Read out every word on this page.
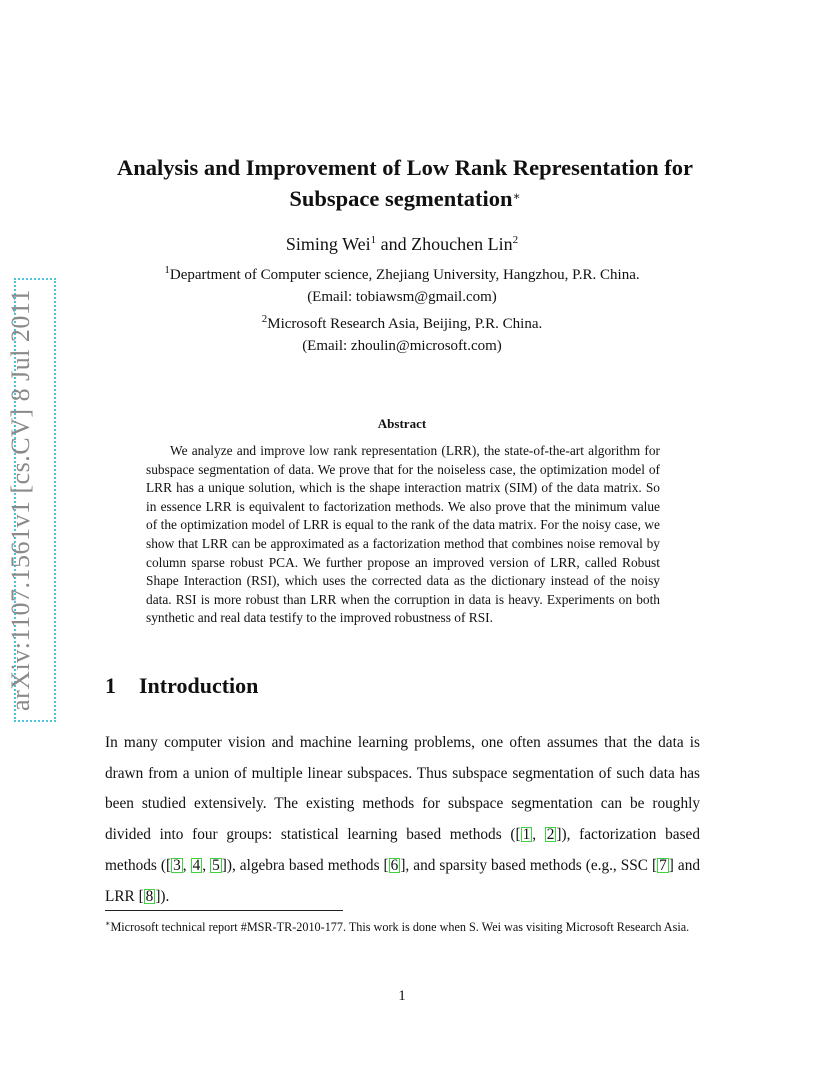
arXiv:1107.1561v1 [cs.CV] 8 Jul 2011
Analysis and Improvement of Low Rank Representation for
Subspace segmentation∗
Siming Wei$^1$ and Zhouchen Lin$^2$
$^1$Department of Computer science, Zhejiang University, Hangzhou, P.R. China.
(Email: tobiawsm@gmail.com)
$^2$Microsoft Research Asia, Beijing, P.R. China.
(Email: zhoulin@microsoft.com)
Abstract
We analyze and improve low rank representation (LRR), the state-of-the-art algorithm for subspace segmentation of data. We prove that for the noiseless case, the optimization model of LRR has a unique solution, which is the shape interaction matrix (SIM) of the data matrix. So in essence LRR is equivalent to factorization methods. We also prove that the minimum value of the optimization model of LRR is equal to the rank of the data matrix. For the noisy case, we show that LRR can be approximated as a factorization method that combines noise removal by column sparse robust PCA. We further propose an improved version of LRR, called Robust Shape Interaction (RSI), which uses the corrected data as the dictionary instead of the noisy data. RSI is more robust than LRR when the corruption in data is heavy. Experiments on both synthetic and real data testify to the improved robustness of RSI.
1 Introduction
In many computer vision and machine learning problems, one often assumes that the data is drawn from a union of multiple linear subspaces. Thus subspace segmentation of such data has been studied extensively. The existing methods for subspace segmentation can be roughly divided into four groups: statistical learning based methods ([ 1 , 2 ]), factorization based methods ([ 3 , 4 , 5 ]), algebra based methods [ 6 ], and sparsity based methods (e.g., SSC [ 7 ] and LRR [ 8 ]).
∗Microsoft technical report #MSR-TR-2010-177. This work is done when S. Wei was visiting Microsoft Research Asia.
1
